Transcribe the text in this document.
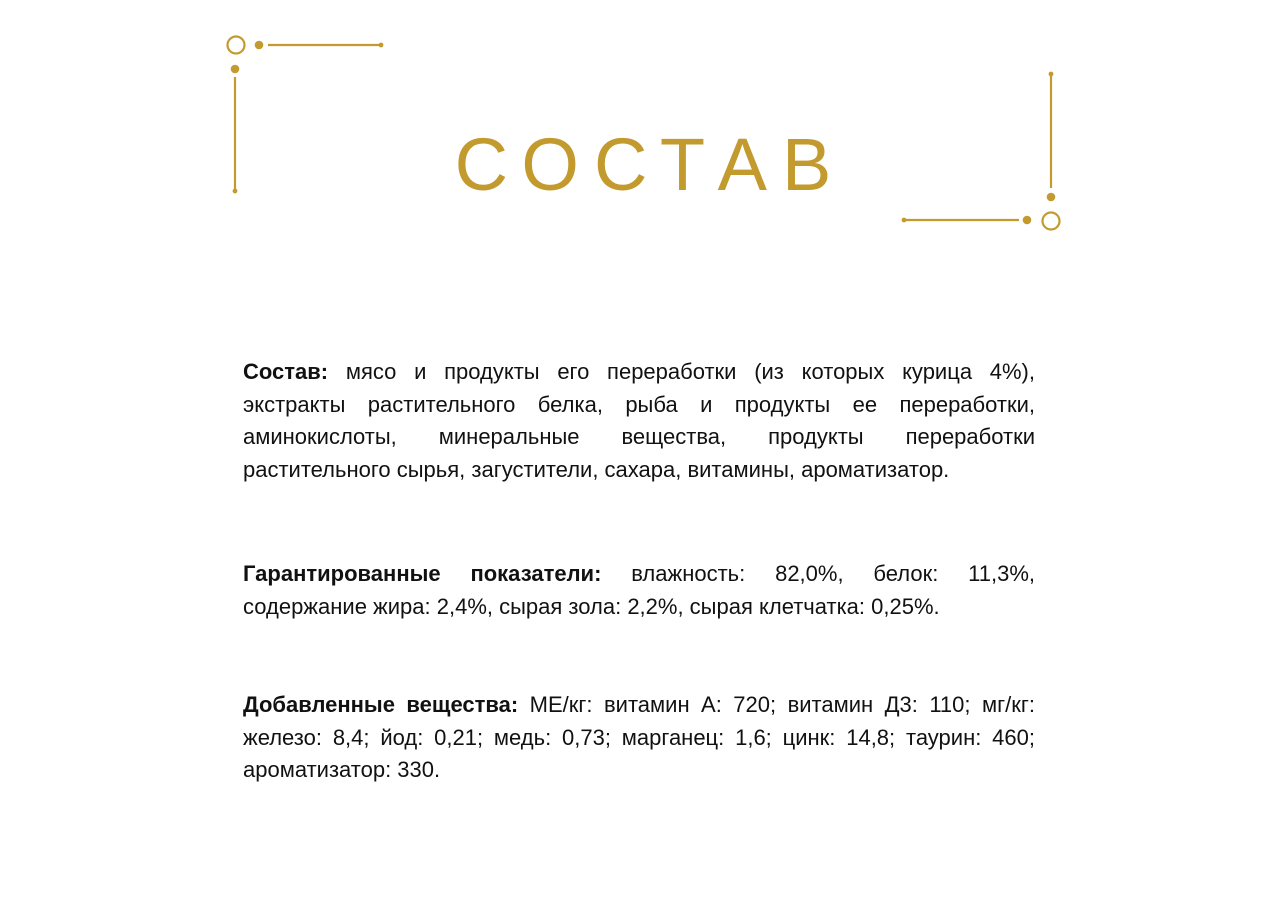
СОСТАВ

Состав: мясо и продукты его переработки (из которых курица 4%), экстракты растительного белка, рыба и продукты ее переработки, аминокислоты, минеральные вещества, продукты переработки растительного сырья, загустители, сахара, витамины, ароматизатор.

Гарантированные показатели: влажность: 82,0%, белок: 11,3%, содержание жира: 2,4%, сырая зола: 2,2%, сырая клетчатка: 0,25%.

Добавленные вещества: МЕ/кг: витамин А: 720; витамин Д3: 110; мг/кг: железо: 8,4; йод: 0,21; медь: 0,73; марганец: 1,6; цинк: 14,8; таурин: 460; ароматизатор: 330.
